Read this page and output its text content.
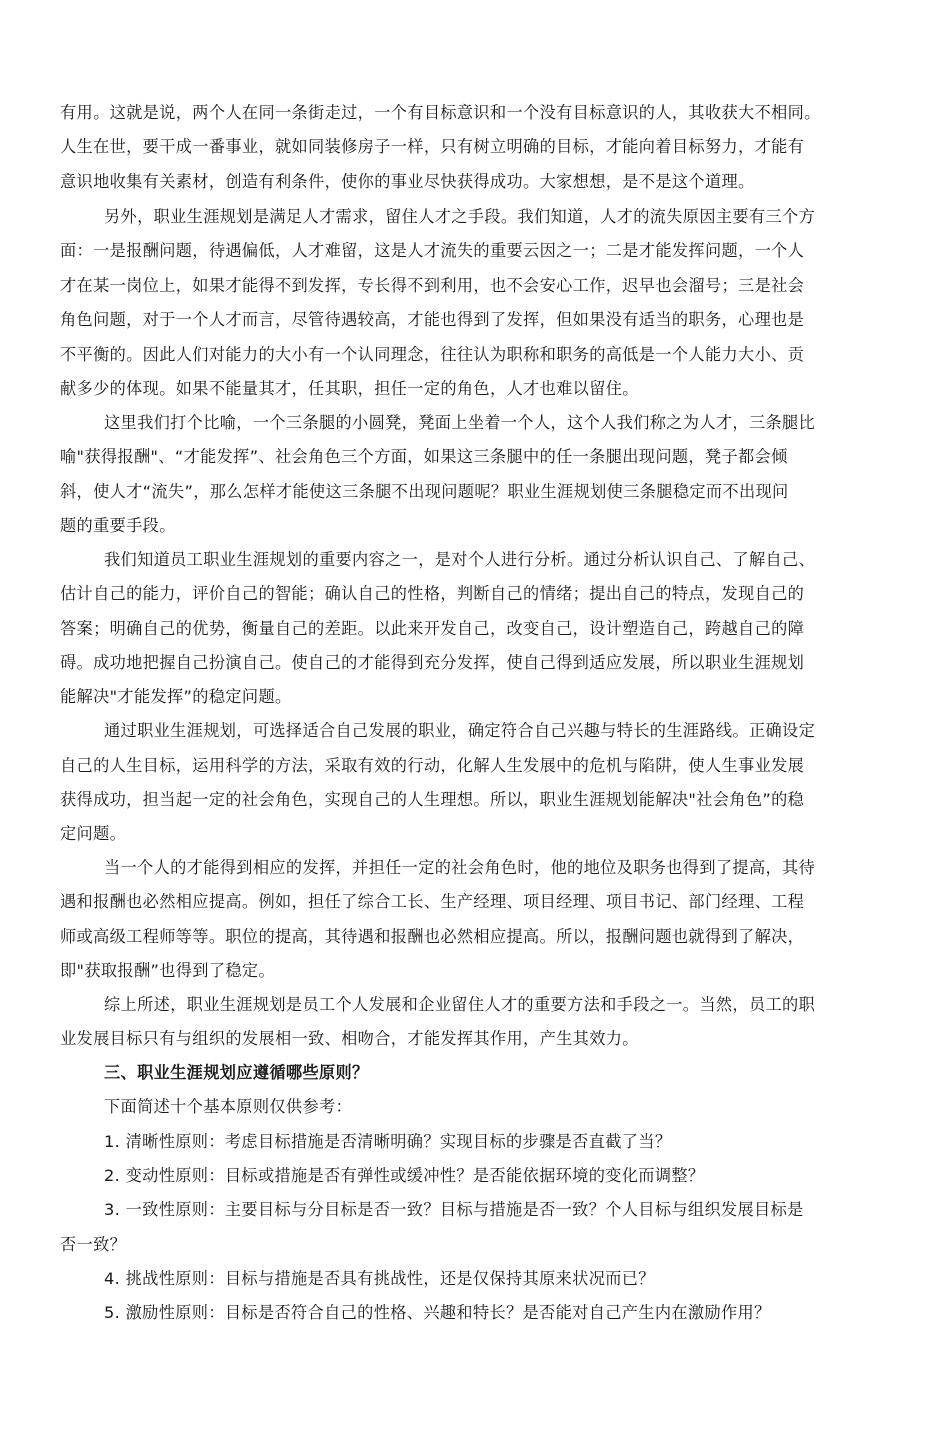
有用。这就是说，两个人在同一条街走过，一个有目标意识和一个没有目标意识的人，其收获大不相同。
人生在世，要干成一番事业，就如同装修房子一样，只有树立明确的目标，才能向着目标努力，才能有
意识地收集有关素材，创造有利条件，使你的事业尽快获得成功。大家想想，是不是这个道理。
另外，职业生涯规划是满足人才需求，留住人才之手段。我们知道，人才的流失原因主要有三个方
面：一是报酬问题，待遇偏低，人才难留，这是人才流失的重要云因之一；二是才能发挥问题，一个人
才在某一岗位上，如果才能得不到发挥，专长得不到利用，也不会安心工作，迟早也会溜号；三是社会
角色问题，对于一个人才而言，尽管待遇较高，才能也得到了发挥，但如果没有适当的职务，心理也是
不平衡的。因此人们对能力的大小有一个认同理念，往往认为职称和职务的高低是一个人能力大小、贡
献多少的体现。如果不能量其才，任其职，担任一定的角色，人才也难以留住。
这里我们打个比喻，一个三条腿的小圆凳，凳面上坐着一个人，这个人我们称之为人才，三条腿比
喻"获得报酬"、“才能发挥”、社会角色三个方面，如果这三条腿中的任一条腿出现问题，凳子都会倾
斜，使人才“流失”，那么怎样才能使这三条腿不出现问题呢？职业生涯规划使三条腿稳定而不出现问
题的重要手段。
我们知道员工职业生涯规划的重要内容之一，是对个人进行分析。通过分析认识自己、了解自己、
估计自己的能力，评价自己的智能；确认自己的性格，判断自己的情绪；提出自己的特点，发现自己的
答案；明确自己的优势，衡量自己的差距。以此来开发自己，改变自己，设计塑造自己，跨越自己的障
碍。成功地把握自己扮演自己。使自己的才能得到充分发挥，使自己得到适应发展，所以职业生涯规划
能解决"才能发挥”的稳定问题。
通过职业生涯规划，可选择适合自己发展的职业，确定符合自己兴趣与特长的生涯路线。正确设定
自己的人生目标，运用科学的方法，采取有效的行动，化解人生发展中的危机与陷阱，使人生事业发展
获得成功，担当起一定的社会角色，实现自己的人生理想。所以，职业生涯规划能解决"社会角色”的稳
定问题。
当一个人的才能得到相应的发挥，并担任一定的社会角色时，他的地位及职务也得到了提高，其待
遇和报酬也必然相应提高。例如，担任了综合工长、生产经理、项目经理、项目书记、部门经理、工程
师或高级工程师等等。职位的提高，其待遇和报酬也必然相应提高。所以，报酬问题也就得到了解决，
即"获取报酬”也得到了稳定。
综上所述，职业生涯规划是员工个人发展和企业留住人才的重要方法和手段之一。当然，员工的职
业发展目标只有与组织的发展相一致、相吻合，才能发挥其作用，产生其效力。
三、职业生涯规划应遵循哪些原则？
下面简述十个基本原则仅供参考：
1. 清晰性原则：考虑目标措施是否清晰明确？实现目标的步骤是否直截了当？
2. 变动性原则：目标或措施是否有弹性或缓冲性？是否能依据环境的变化而调整？
3. 一致性原则：主要目标与分目标是否一致？目标与措施是否一致？个人目标与组织发展目标是
否一致？
4. 挑战性原则：目标与措施是否具有挑战性，还是仅保持其原来状况而已？
5. 激励性原则：目标是否符合自己的性格、兴趣和特长？是否能对自己产生内在激励作用？
